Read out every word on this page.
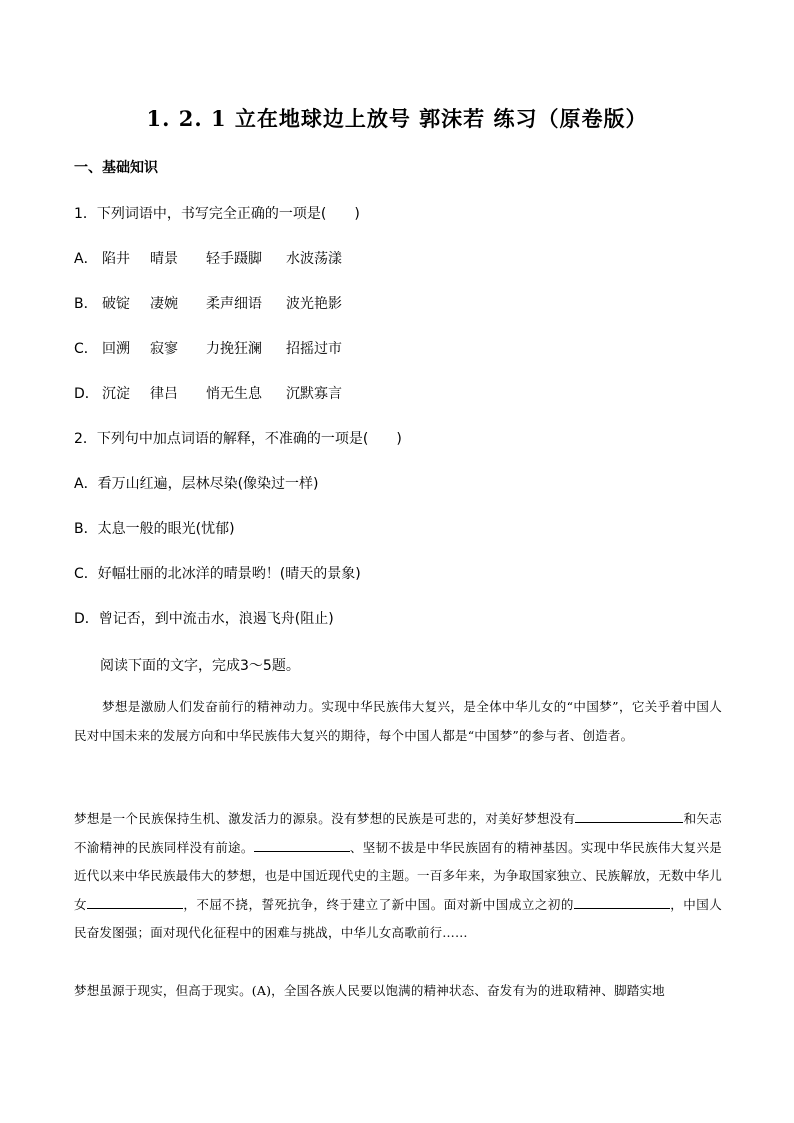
1. 2. 1 立在地球边上放号 郭沫若 练习（原卷版）
一、基础知识
1．下列词语中，书写完全正确的一项是(　　)
A． 陷井 晴景 轻手蹑脚 水波荡漾
B． 破锭 凄婉 柔声细语 波光艳影
C． 回溯 寂寥 力挽狂澜 招摇过市
D． 沉淀 律吕 悄无生息 沉默寡言
2．下列句中加点词语的解释，不准确的一项是(　　)
A．看万山红遍，层林尽染(像染过一样)
B．太息一般的眼光(忧郁)
C．好幅壮丽的北冰洋的晴景哟！(晴天的景象)
D．曾记否，到中流击水，浪遏飞舟(阻止)
阅读下面的文字，完成3～5题。
梦想是激励人们发奋前行的精神动力。实现中华民族伟大复兴，是全体中华儿女的“中国梦”，它关乎着中国人民对中国未来的发展方向和中华民族伟大复兴的期待，每个中国人都是“中国梦”的参与者、创造者。
梦想是一个民族保持生机、激发活力的源泉。没有梦想的民族是可悲的，对美好梦想没有	和矢志不渝精神的民族同样没有前途。	、坚韧不拔是中华民族固有的精神基因。实现中华民族伟大复兴是近代以来中华民族最伟大的梦想，也是中国近现代史的主题。一百多年来，为争取国家独立、民族解放，无数中华儿女	，不屈不挠，誓死抗争，终于建立了新中国。面对新中国成立之初的	，中国人民奋发图强；面对现代化征程中的困难与挑战，中华儿女高歌前行……
梦想虽源于现实，但高于现实。(A)，全国各族人民要以饱满的精神状态、奋发有为的进取精神、脚踏实地
